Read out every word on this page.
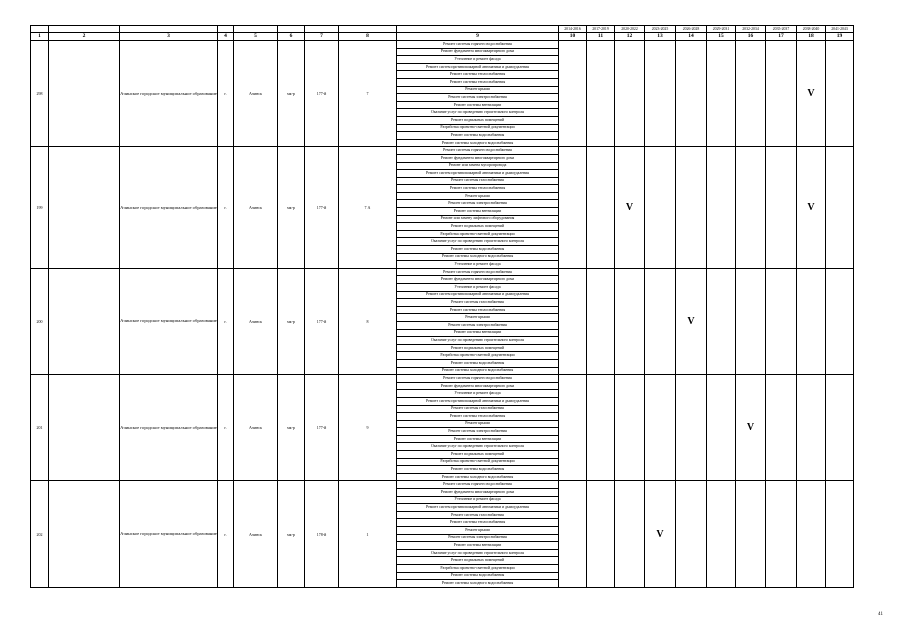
									2014-2016	2017-2019	2020-2022	2023-2025	2026-2028	2029-2031	2032-2034	2035-2037	2038-2040	2041-2043
1	2	3	4	5	6	7	8	9	10	11	12	13	14	15	16	17	18	19
298		Ачинское городское муниципальное образование	г.	Ачинск	мк-р	177-й	7	Ремонт системы горячего водоснабжения									V	
								Ремонт фундамента многоквартирного дома										
								Утепление и ремонт фасада										
								Ремонт систем противопожарной автоматики и дымоудаления										
								Ремонт системы теплоснабжения										
								Ремонт системы теплоснабжения										
								Ремонт крыши										
								Ремонт системы электроснабжения										
								Ремонт системы вентиляции										
								Оказание услуг по проведению строительного контроля										
								Ремонт подвальных помещений										
								Разработка проектно-сметной документации										
								Ремонт системы водоснабжения										
								Ремонт системы холодного водоснабжения										
199		Ачинское городское муниципальное образование	г.	Ачинск	мк-р	177-й	7 А	Ремонт системы горячего водоснабжения			V						V	
								Ремонт фундамента многоквартирного дома										
								Ремонт или замена мусоропровода										
								Ремонт систем противопожарной автоматики и дымоудаления										
								Ремонт системы газоснабжения										
								Ремонт системы теплоснабжения										
								Ремонт крыши										
								Ремонт системы электроснабжения										
								Ремонт системы вентиляции										
								Ремонт или замену лифтового оборудования										
								Ремонт подвальных помещений										
								Разработка проектно-сметной документации										
								Оказание услуг по проведению строительного контроля										
								Ремонт системы водоснабжения										
								Ремонт системы холодного водоснабжения										
								Утепление и ремонт фасада										
200		Ачинское городское муниципальное образование	г.	Ачинск	мк-р	177-й	8	Ремонт системы горячего водоснабжения					V					
								Ремонт фундамента многоквартирного дома										
								Утепление и ремонт фасада										
								Ремонт систем противопожарной автоматики и дымоудаления										
								Ремонт системы газоснабжения										
								Ремонт системы теплоснабжения										
								Ремонт крыши										
								Ремонт системы электроснабжения										
								Ремонт системы вентиляции										
								Оказание услуг по проведению строительного контроля										
								Ремонт подвальных помещений										
								Разработка проектно-сметной документации										
								Ремонт системы водоснабжения										
								Ремонт системы холодного водоснабжения										
201		Ачинское городское муниципальное образование	г.	Ачинск	мк-р	177-й	9	Ремонт системы горячего водоснабжения							V			
								Ремонт фундамента многоквартирного дома										
								Утепление и ремонт фасада										
								Ремонт систем противопожарной автоматики и дымоудаления										
								Ремонт системы газоснабжения										
								Ремонт системы теплоснабжения										
								Ремонт крыши										
								Ремонт системы электроснабжения										
								Ремонт системы вентиляции										
								Оказание услуг по проведению строительного контроля										
								Ремонт подвальных помещений										
								Разработка проектно-сметной документации										
								Ремонт системы водоснабжения										
								Ремонт системы холодного водоснабжения										
202		Ачинское городское муниципальное образование	г.	Ачинск	мк-р	178-й	1	Ремонт системы горячего водоснабжения				V						
								Ремонт фундамента многоквартирного дома										
								Утепление и ремонт фасада										
								Ремонт систем противопожарной автоматики и дымоудаления										
								Ремонт системы газоснабжения										
								Ремонт системы теплоснабжения										
								Ремонт крыши										
								Ремонт системы электроснабжения										
								Ремонт системы вентиляции										
								Оказание услуг по проведению строительного контроля										
								Ремонт подвальных помещений										
								Разработка проектно-сметной документации										
								Ремонт системы водоснабжения										
								Ремонт системы холодного водоснабжения										
41
